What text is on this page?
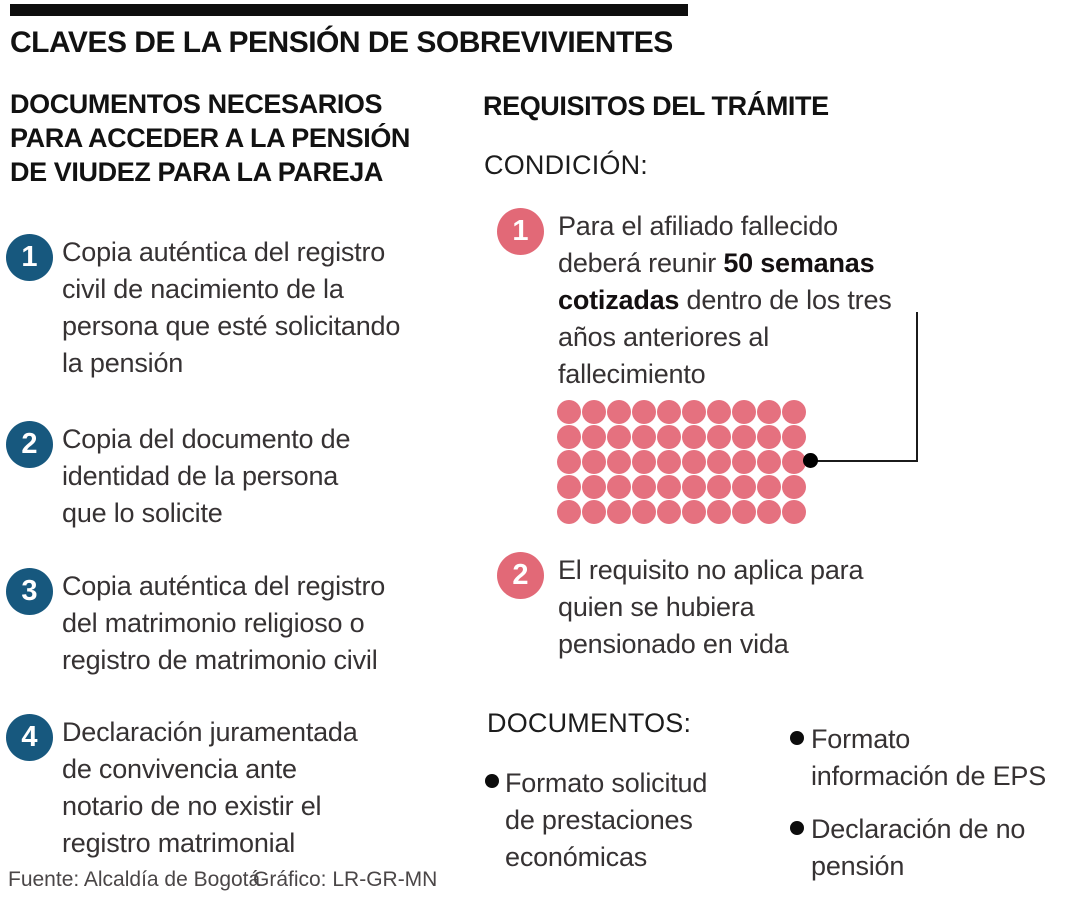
CLAVES DE LA PENSIÓN DE SOBREVIVIENTES
DOCUMENTOS NECESARIOS
PARA ACCEDER A LA PENSIÓN
DE VIUDEZ PARA LA PAREJA
1 Copia auténtica del registro
civil de nacimiento de la
persona que esté solicitando
la pensión
2 Copia del documento de
identidad de la persona
que lo solicite
3 Copia auténtica del registro
del matrimonio religioso o
registro de matrimonio civil
4 Declaración juramentada
de convivencia ante
notario de no existir el
registro matrimonial
REQUISITOS DEL TRÁMITE
CONDICIÓN:
1	Para el afiliado fallecido
deberá reunir 50 semanas
cotizadas dentro de los tres
años anteriores al
fallecimiento
2	El requisito no aplica para
quien se hubiera
pensionado en vida
DOCUMENTOS:
Formato solicitud
de prestaciones
económicas
Formato
información de EPS
Declaración de no
pensión
Fuente: Alcaldía de Bogotá
Gráfico: LR-GR-MN
